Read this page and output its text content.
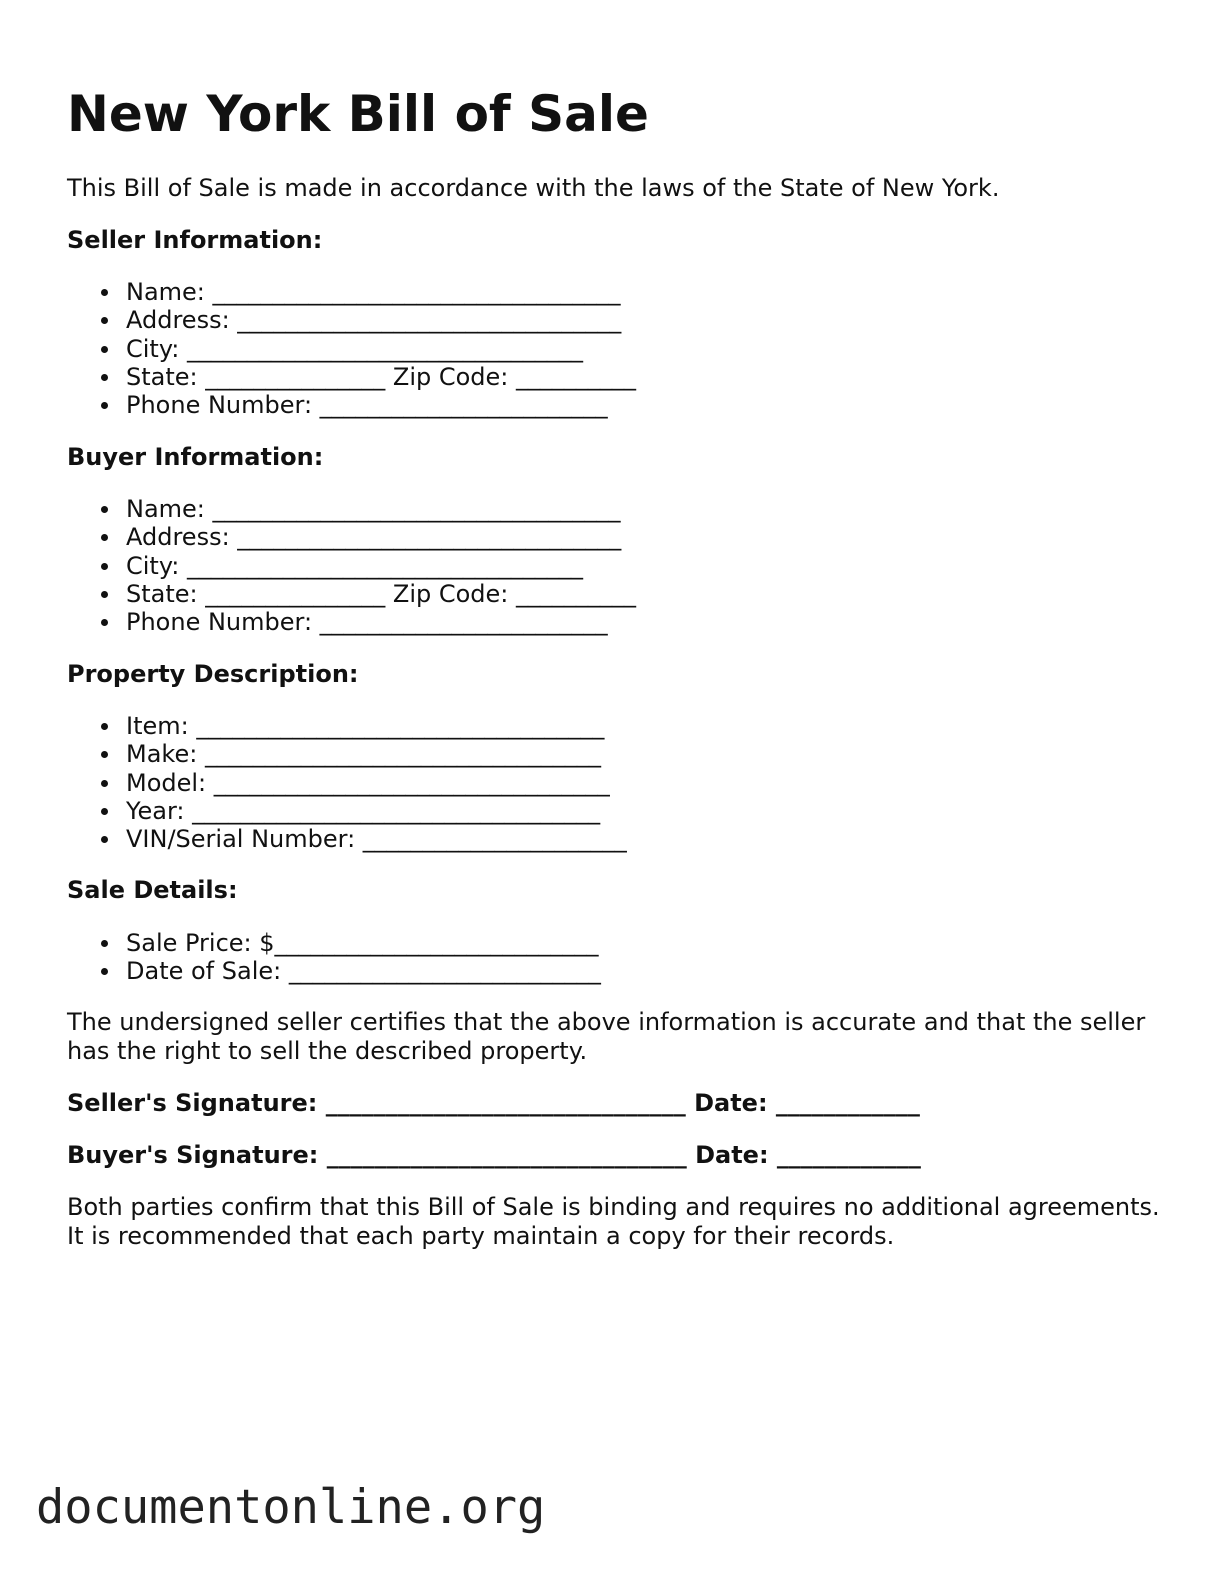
New York Bill of Sale

This Bill of Sale is made in accordance with the laws of the State of New York.

Seller Information:
Name: __________________________________
Address: ________________________________
City: _________________________________
State: _______________ Zip Code: __________
Phone Number: ________________________
Buyer Information:
Name: __________________________________
Address: ________________________________
City: _________________________________
State: _______________ Zip Code: __________
Phone Number: ________________________
Property Description:
Item: __________________________________
Make: _________________________________
Model: _________________________________
Year: __________________________________
VIN/Serial Number: ______________________
Sale Details:
Sale Price: $___________________________
Date of Sale: __________________________

The undersigned seller certifies that the above information is accurate and that the seller has the right to sell the described property.

Seller's Signature: ______________________________ Date: ____________

Buyer's Signature: ______________________________ Date: ____________

Both parties confirm that this Bill of Sale is binding and requires no additional agreements. It is recommended that each party maintain a copy for their records.

documentonline.org
